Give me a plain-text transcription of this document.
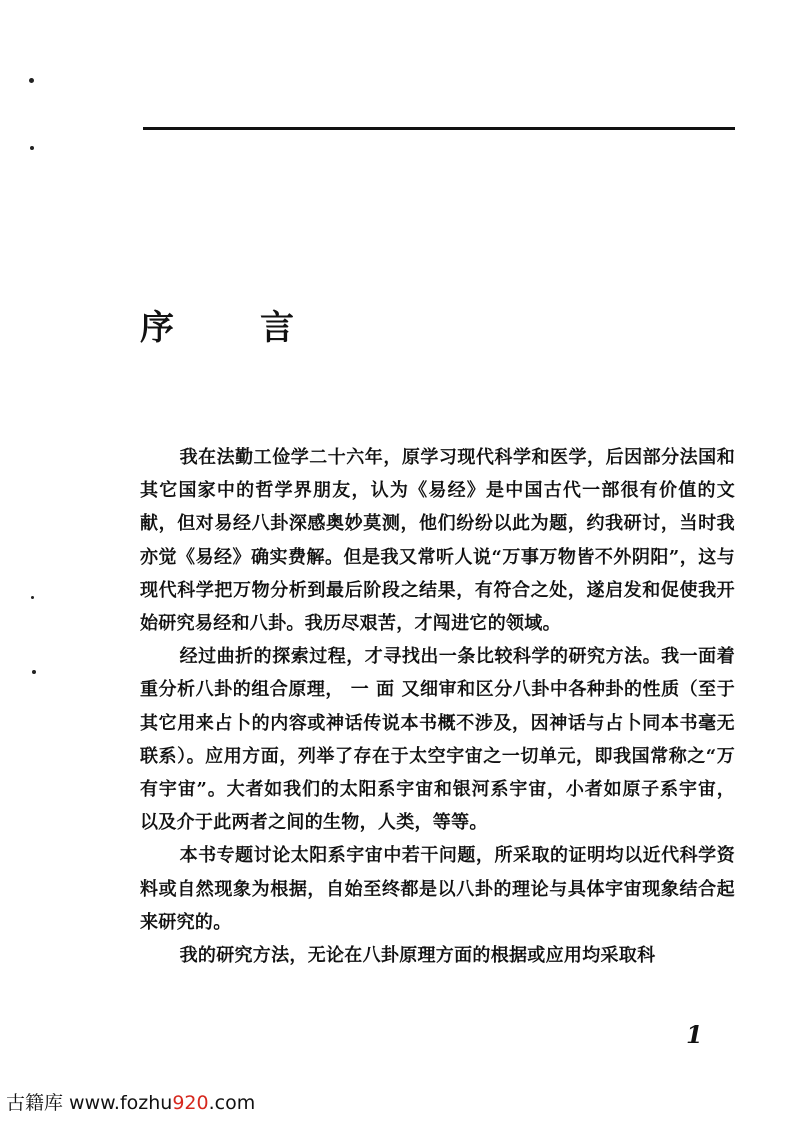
序	言

我在法勤工俭学二十六年，原学习现代科学和医学，后因部分法国和其它国家中的哲学界朋友，认为《易经》是中国古代一部很有价值的文献，但对易经八卦深感奥妙莫测，他们纷纷以此为题，约我研讨，当时我亦觉《易经》确实费解。但是我又常听人说“万事万物皆不外阴阳”，这与现代科学把万物分析到最后阶段之结果，有符合之处，遂启发和促使我开始研究易经和八卦。我历尽艰苦，才闯进它的领域。

经过曲折的探索过程，才寻找出一条比较科学的研究方法。我一面着重分析八卦的组合原理， 一 面 又细审和区分八卦中各种卦的性质（至于其它用来占卜的内容或神话传说本书概不涉及，因神话与占卜同本书毫无联系）。应用方面，列举了存在于太空宇宙之一切单元，即我国常称之“万有宇宙”。大者如我们的太阳系宇宙和银河系宇宙，小者如原子系宇宙，以及介于此两者之间的生物，人类，等等。

本书专题讨论太阳系宇宙中若干问题，所采取的证明均以近代科学资料或自然现象为根据，自始至终都是以八卦的理论与具体宇宙现象结合起来研究的。

我的研究方法，无论在八卦原理方面的根据或应用均采取科

1
古籍库 www.fozhu920.com
